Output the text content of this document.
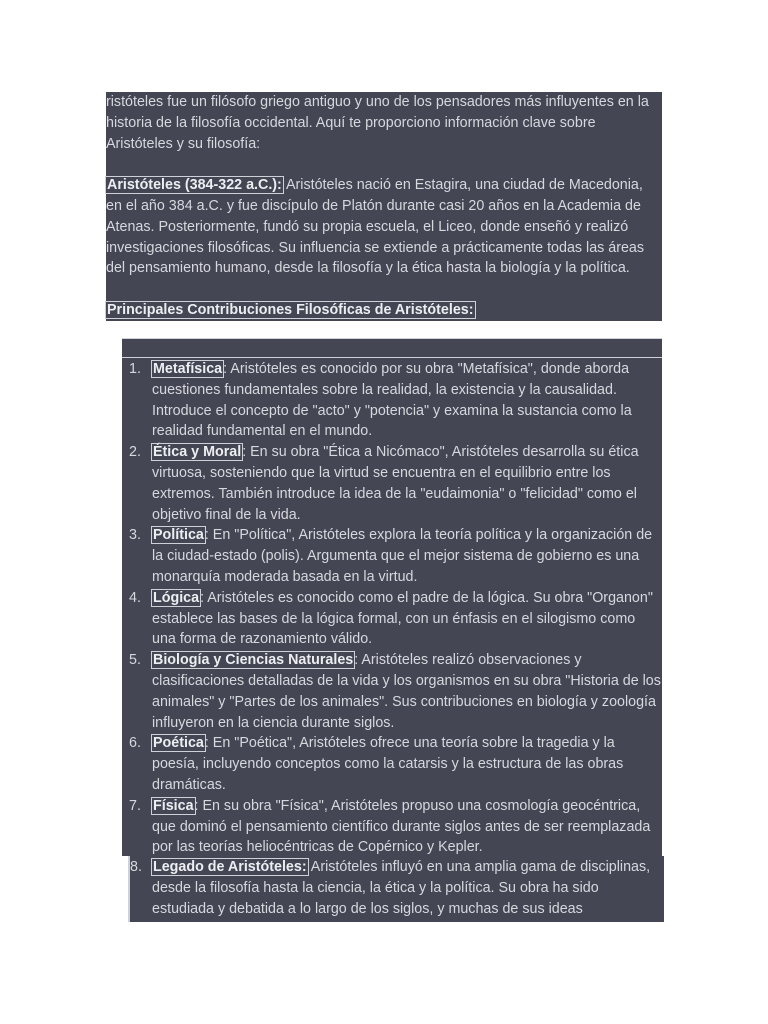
ristóteles fue un filósofo griego antiguo y uno de los pensadores más influyentes en la historia de la filosofía occidental. Aquí te proporciono información clave sobre Aristóteles y su filosofía:

Aristóteles (384-322 a.C.): Aristóteles nació en Estagira, una ciudad de Macedonia, en el año 384 a.C. y fue discípulo de Platón durante casi 20 años en la Academia de Atenas. Posteriormente, fundó su propia escuela, el Liceo, donde enseñó y realizó investigaciones filosóficas. Su influencia se extiende a prácticamente todas las áreas del pensamiento humano, desde la filosofía y la ética hasta la biología y la política.

Principales Contribuciones Filosóficas de Aristóteles:

1. Metafísica: Aristóteles es conocido por su obra "Metafísica", donde aborda cuestiones fundamentales sobre la realidad, la existencia y la causalidad. Introduce el concepto de "acto" y "potencia" y examina la sustancia como la realidad fundamental en el mundo.
2. Ética y Moral: En su obra "Ética a Nicómaco", Aristóteles desarrolla su ética virtuosa, sosteniendo que la virtud se encuentra en el equilibrio entre los extremos. También introduce la idea de la "eudaimonia" o "felicidad" como el objetivo final de la vida.
3. Política: En "Política", Aristóteles explora la teoría política y la organización de la ciudad-estado (polis). Argumenta que el mejor sistema de gobierno es una monarquía moderada basada en la virtud.
4. Lógica: Aristóteles es conocido como el padre de la lógica. Su obra "Organon" establece las bases de la lógica formal, con un énfasis en el silogismo como una forma de razonamiento válido.
5. Biología y Ciencias Naturales: Aristóteles realizó observaciones y clasificaciones detalladas de la vida y los organismos en su obra "Historia de los animales" y "Partes de los animales". Sus contribuciones en biología y zoología influyeron en la ciencia durante siglos.
6. Poética: En "Poética", Aristóteles ofrece una teoría sobre la tragedia y la poesía, incluyendo conceptos como la catarsis y la estructura de las obras dramáticas.
7. Física: En su obra "Física", Aristóteles propuso una cosmología geocéntrica, que dominó el pensamiento científico durante siglos antes de ser reemplazada por las teorías heliocéntricas de Copérnico y Kepler.
8. Legado de Aristóteles: Aristóteles influyó en una amplia gama de disciplinas, desde la filosofía hasta la ciencia, la ética y la política. Su obra ha sido estudiada y debatida a lo largo de los siglos, y muchas de sus ideas
